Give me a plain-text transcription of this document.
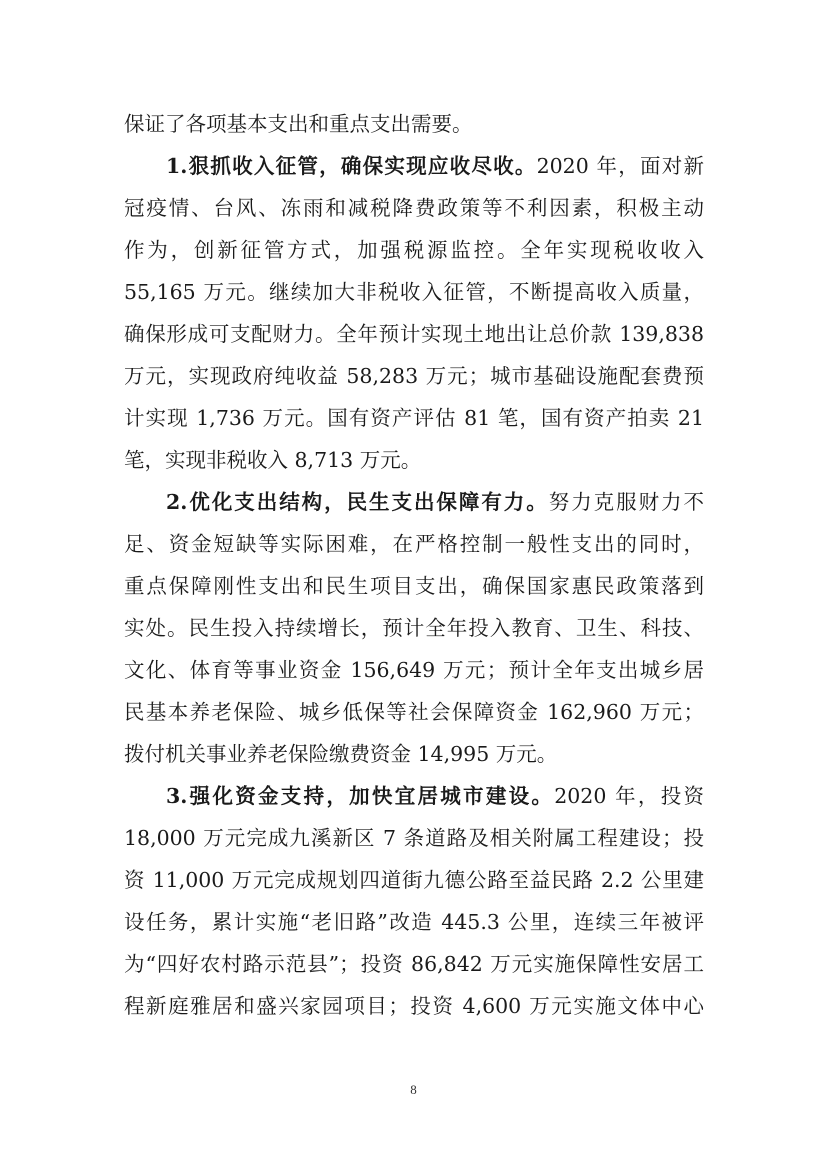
保证了各项基本支出和重点支出需要。
1.狠抓收入征管，确保实现应收尽收。2020 年，面对新
冠疫情、台风、冻雨和减税降费政策等不利因素，积极主动
作为，创新征管方式，加强税源监控。全年实现税收收入
55,165 万元。继续加大非税收入征管，不断提高收入质量，
确保形成可支配财力。全年预计实现土地出让总价款 139,838
万元，实现政府纯收益 58,283 万元；城市基础设施配套费预
计实现 1,736 万元。国有资产评估 81 笔，国有资产拍卖 21
笔，实现非税收入 8,713 万元。
2.优化支出结构，民生支出保障有力。努力克服财力不
足、资金短缺等实际困难，在严格控制一般性支出的同时，
重点保障刚性支出和民生项目支出，确保国家惠民政策落到
实处。民生投入持续增长，预计全年投入教育、卫生、科技、
文化、体育等事业资金 156,649 万元；预计全年支出城乡居
民基本养老保险、城乡低保等社会保障资金 162,960 万元；
拨付机关事业养老保险缴费资金 14,995 万元。
3.强化资金支持，加快宜居城市建设。2020 年，投资
18,000 万元完成九溪新区 7 条道路及相关附属工程建设；投
资 11,000 万元完成规划四道街九德公路至益民路 2.2 公里建
设任务，累计实施“老旧路”改造 445.3 公里，连续三年被评
为“四好农村路示范县”；投资 86,842 万元实施保障性安居工
程新庭雅居和盛兴家园项目；投资 4,600 万元实施文体中心
8
